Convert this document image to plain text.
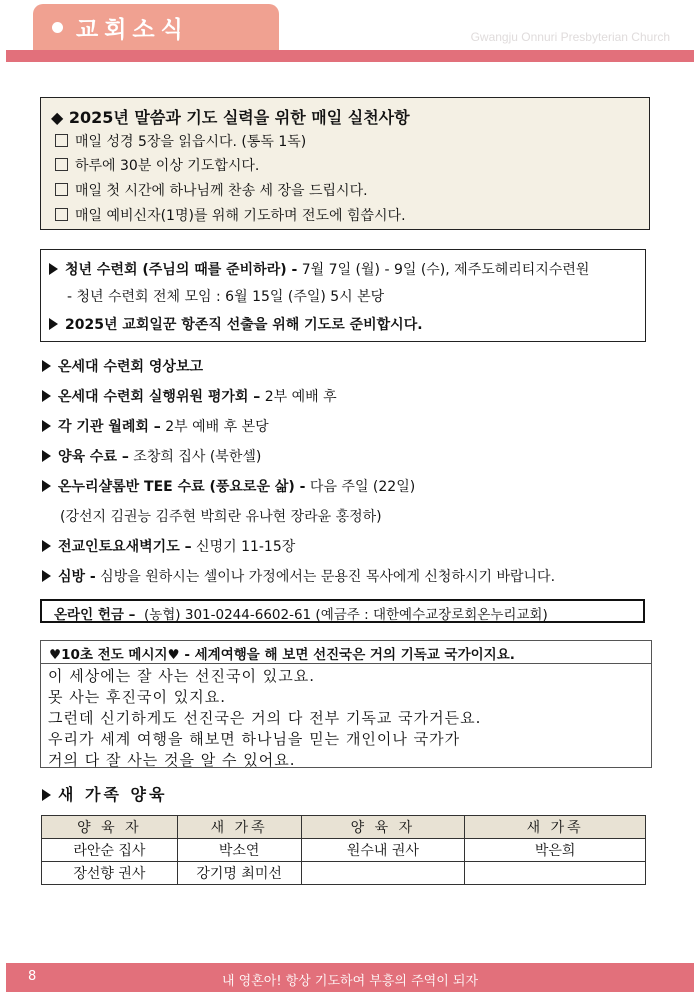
교회소식	Gwangju Onnuri Presbyterian Church
◆ 2025년 말씀과 기도 실력을 위한 매일 실천사항
매일 성경 5장을 읽읍시다. (통독 1독)
하루에 30분 이상 기도합시다.
매일 첫 시간에 하나님께 찬송 세 장을 드립시다.
매일 예비신자(1명)를 위해 기도하며 전도에 힘씁시다.
청년 수련회 (주님의 때를 준비하라) - 7월 7일 (월) - 9일 (수), 제주도헤리티지수련원
- 청년 수련회 전체 모임 : 6월 15일 (주일) 5시 본당
2025년 교회일꾼 항존직 선출을 위해 기도로 준비합시다.
온세대 수련회 영상보고
온세대 수련회 실행위원 평가회 – 2부 예배 후
각 기관 월례회 – 2부 예배 후 본당
양육 수료 – 조창희 집사 (북한셀)
온누리샬롬반 TEE 수료 (풍요로운 삶) - 다음 주일 (22일)
(강선지 김권능 김주현 박희란 유나현 장라윤 홍정하)
전교인토요새벽기도 – 신명기 11-15장
심방 - 심방을 원하시는 셀이나 가정에서는 문용진 목사에게 신청하시기 바랍니다.
온라인 헌금 – (농협) 301-0244-6602-61 (예금주 : 대한예수교장로회온누리교회)
♥10초 전도 메시지♥ - 세계여행을 해 보면 선진국은 거의 기독교 국가이지요.
이 세상에는 잘 사는 선진국이 있고요.
못 사는 후진국이 있지요.
그런데 신기하게도 선진국은 거의 다 전부 기독교 국가거든요.
우리가 세계 여행을 해보면 하나님을 믿는 개인이나 국가가
거의 다 잘 사는 것을 알 수 있어요.
새 가족 양육
양 육 자	새 가족	양 육 자	새 가족
라안순 집사	박소연	원수내 권사	박은희
장선향 권사	강기명 최미선		
8	내 영혼아! 항상 기도하여 부흥의 주역이 되자
